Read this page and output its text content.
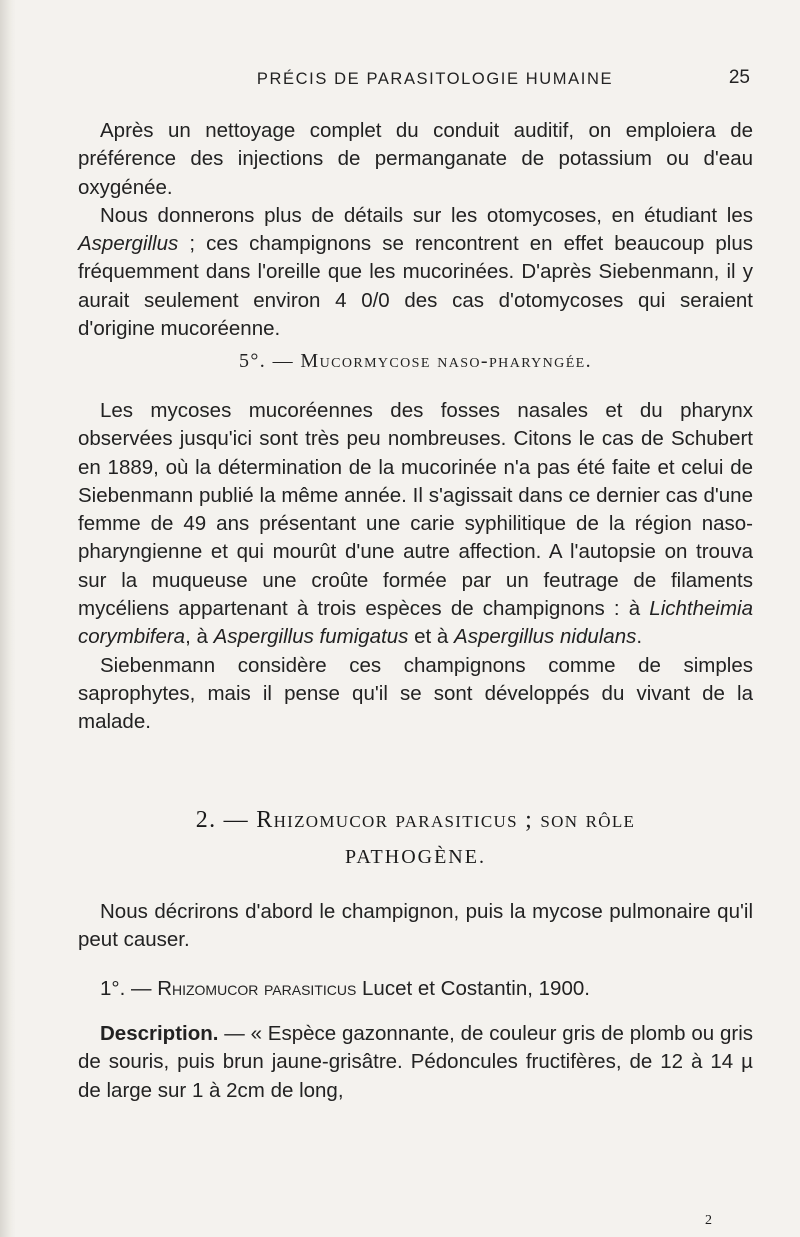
PRÉCIS DE PARASITOLOGIE HUMAINE	25

Après un nettoyage complet du conduit auditif, on emploiera de préférence des injections de permanganate de potassium ou d'eau oxygénée.

Nous donnerons plus de détails sur les otomycoses, en étudiant les Aspergillus ; ces champignons se rencontrent en effet beaucoup plus fréquemment dans l'oreille que les mucorinées. D'après Siebenmann, il y aurait seulement environ 4 0/0 des cas d'otomycoses qui seraient d'origine mucoréenne.

5°. — Mucormycose naso-pharyngée.

Les mycoses mucoréennes des fosses nasales et du pharynx observées jusqu'ici sont très peu nombreuses. Citons le cas de Schubert en 1889, où la détermination de la mucorinée n'a pas été faite et celui de Siebenmann publié la même année. Il s'agissait dans ce dernier cas d'une femme de 49 ans présentant une carie syphilitique de la région naso-pharyngienne et qui mourût d'une autre affection. A l'autopsie on trouva sur la muqueuse une croûte formée par un feutrage de filaments mycéliens appartenant à trois espèces de champignons : à Lichtheimia corymbifera, à Aspergillus fumigatus et à Aspergillus nidulans.

Siebenmann considère ces champignons comme de simples saprophytes, mais il pense qu'il se sont développés du vivant de la malade.

2. — Rhizomucor parasiticus ; son rôle
PATHOGÈNE.

Nous décrirons d'abord le champignon, puis la mycose pulmonaire qu'il peut causer.

1°. — Rhizomucor parasiticus Lucet et Costantin, 1900.

Description. — « Espèce gazonnante, de couleur gris de plomb ou gris de souris, puis brun jaune-grisâtre. Pédoncules fructifères, de 12 à 14 µ de large sur 1 à 2cm de long,

2
